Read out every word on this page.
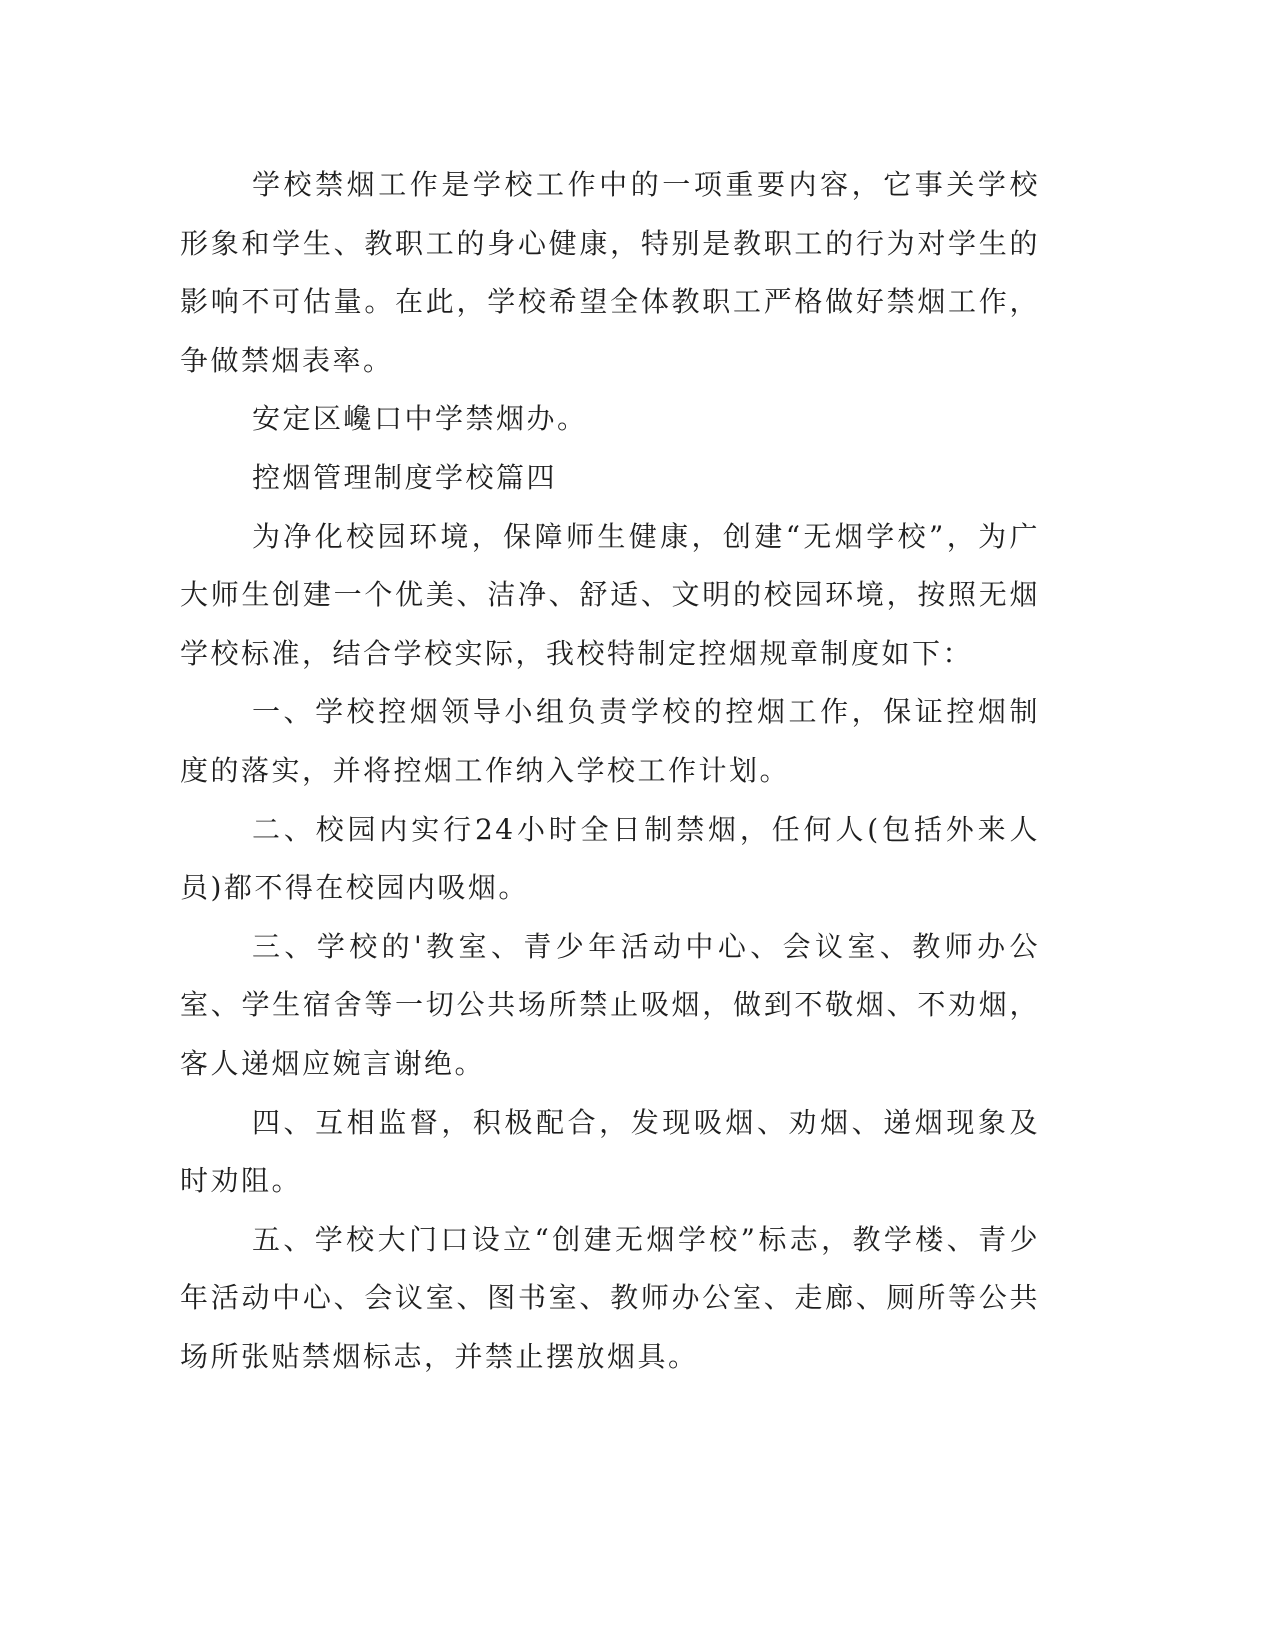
学校禁烟工作是学校工作中的一项重要内容，它事关学校形象和学生、教职工的身心健康，特别是教职工的行为对学生的影响不可估量。在此，学校希望全体教职工严格做好禁烟工作，争做禁烟表率。

安定区巉口中学禁烟办。

控烟管理制度学校篇四

为净化校园环境，保障师生健康，创建“无烟学校”，为广大师生创建一个优美、洁净、舒适、文明的校园环境，按照无烟学校标准，结合学校实际，我校特制定控烟规章制度如下：

一、学校控烟领导小组负责学校的控烟工作，保证控烟制度的落实，并将控烟工作纳入学校工作计划。

二、校园内实行24小时全日制禁烟，任何人(包括外来人员)都不得在校园内吸烟。

三、学校的'教室、青少年活动中心、会议室、教师办公室、学生宿舍等一切公共场所禁止吸烟，做到不敬烟、不劝烟，客人递烟应婉言谢绝。

四、互相监督，积极配合，发现吸烟、劝烟、递烟现象及时劝阻。

五、学校大门口设立“创建无烟学校”标志，教学楼、青少年活动中心、会议室、图书室、教师办公室、走廊、厕所等公共场所张贴禁烟标志，并禁止摆放烟具。
